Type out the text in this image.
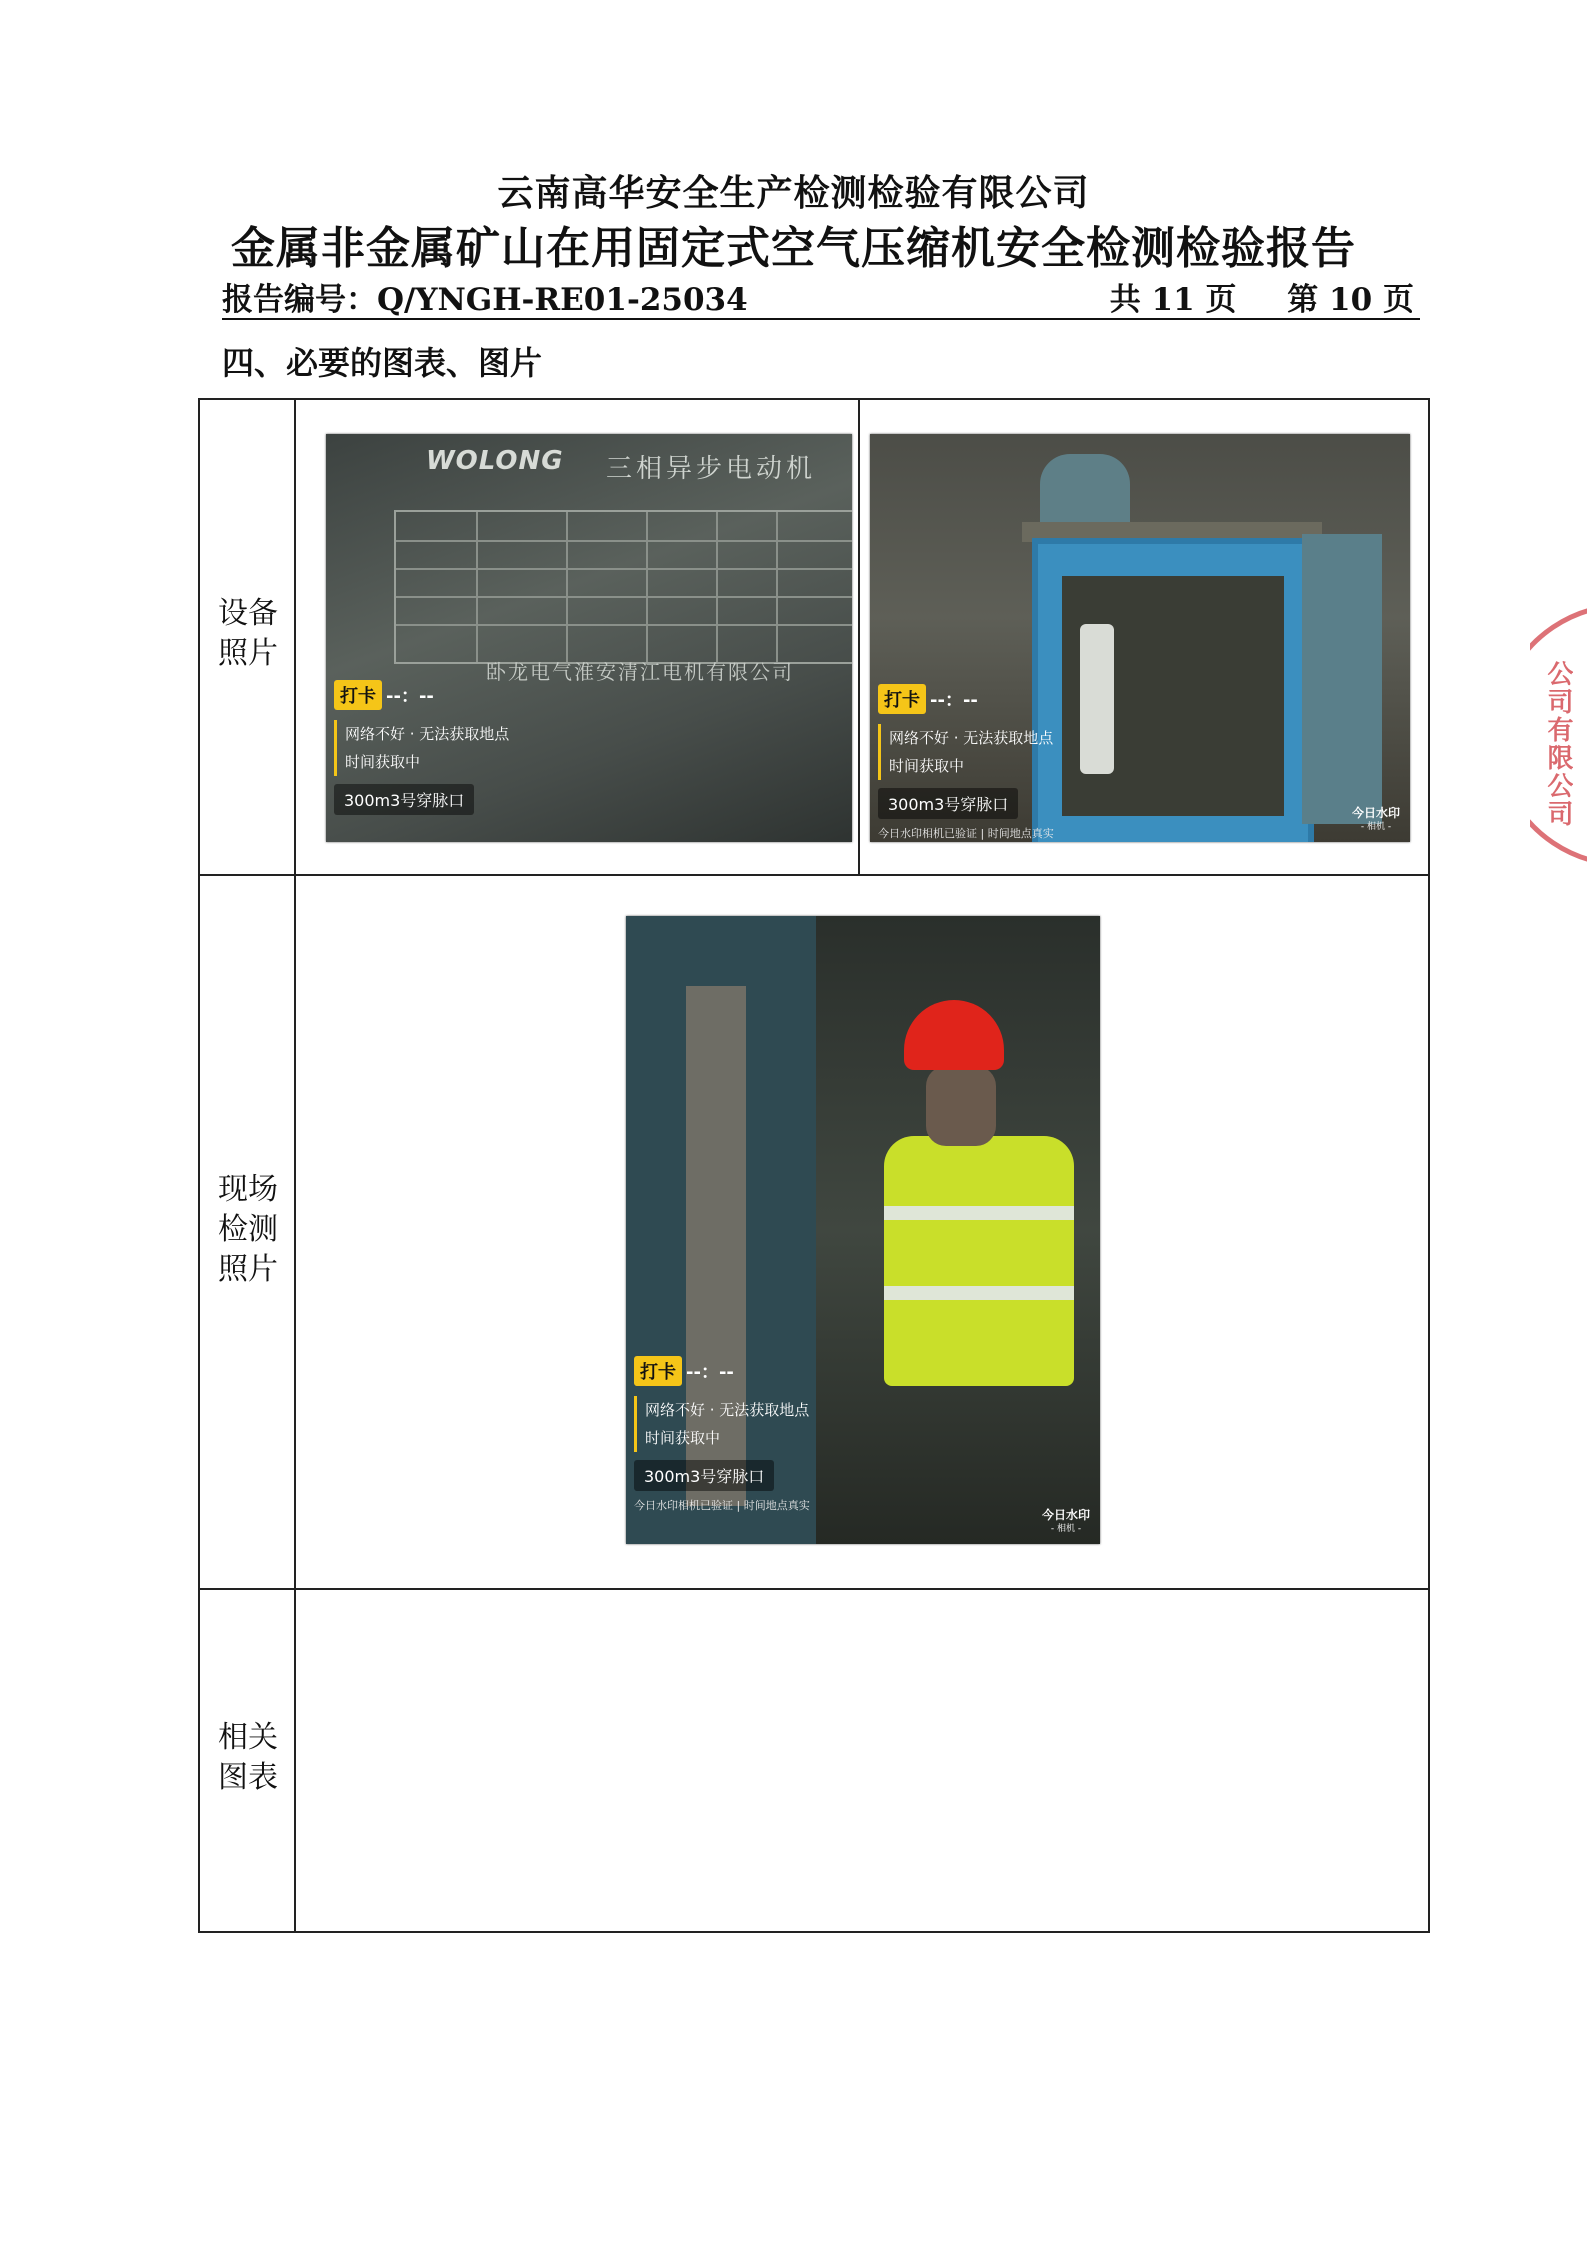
云南高华安全生产检测检验有限公司
金属非金属矿山在用固定式空气压缩机安全检测检验报告
报告编号：Q/YNGH-RE01-25034	共 11 页 第 10 页
四、必要的图表、图片
设备
照片
现场
检测
照片
相关
图表
WOLONG 三相异步电动机
卧龙电气淮安清江电机有限公司
打卡 --：--
网络不好 · 无法获取地点
时间获取中
300m3号穿脉口
打卡 --：--
网络不好 · 无法获取地点
时间获取中
300m3号穿脉口
今日水印相机已验证 | 时间地点真实
今日水印
- 相机 -
打卡 --：--
网络不好 · 无法获取地点
时间获取中
300m3号穿脉口
今日水印相机已验证 | 时间地点真实
今日水印
- 相机 -
公司有限公司
